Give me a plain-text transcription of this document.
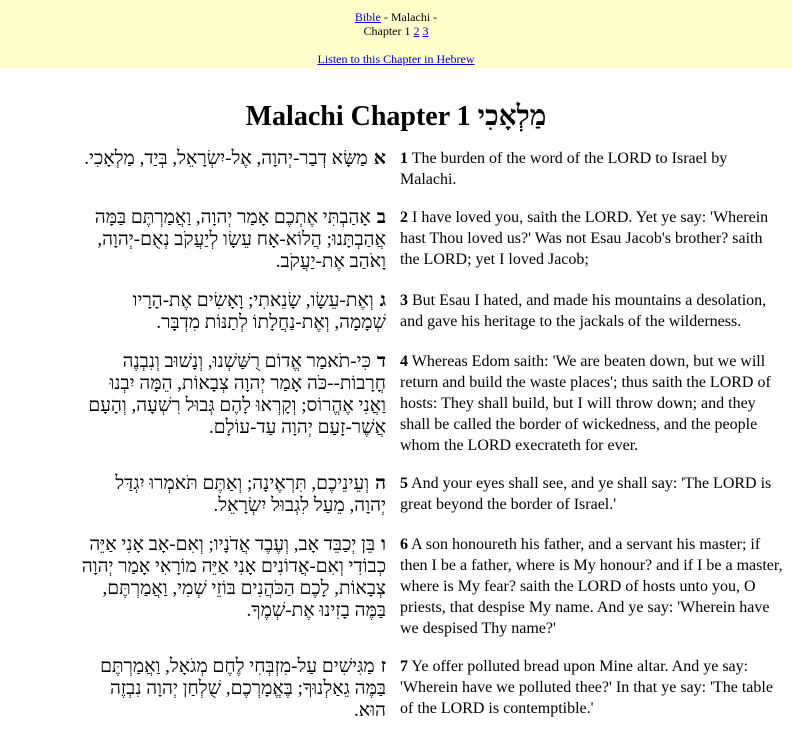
Bible - Malachi -
Chapter 1 2 3
Listen to this Chapter in Hebrew
Malachi Chapter 1 מַלְאָכִי
אמַשָּׂא דְבַר-יְהוָה, אֶל-יִשְׂרָאֵל, בְּיַד, מַלְאָכִי.	1 The burden of the word of the LORD to Israel by Malachi.
באָהַבְתִּי אֶתְכֶם אָמַר יְהוָה, וַאֲמַרְתֶּם בַּמָּה אֲהַבְתָּנוּ; הֲלוֹא-אָח עֵשָׂו לְיַעֲקֹב נְאֻם-יְהוָה, וָאֹהַב אֶת-יַעֲקֹב.	2 I have loved you, saith the LORD. Yet ye say: 'Wherein hast Thou loved us?' Was not Esau Jacob's brother? saith the LORD; yet I loved Jacob;
גוְאֶת-עֵשָׂו, שָׂנֵאתִי; וָאָשִׂים אֶת-הָרָיו שְׁמָמָה, וְאֶת-נַחֲלָתוֹ לְתַנּוֹת מִדְבָּר.	3 But Esau I hated, and made his mountains a desolation, and gave his heritage to the jackals of the wilderness.
דכִּי-תֹאמַר אֱדוֹם רֻשַּׁשְׁנוּ, וְנָשׁוּב וְנִבְנֶה חֳרָבוֹת--כֹּה אָמַר יְהוָה צְבָאוֹת, הֵמָּה יִבְנוּ וַאֲנִי אֶהֱרוֹס; וְקָרְאוּ לָהֶם גְּבוּל רִשְׁעָה, וְהָעָם אֲשֶׁר-זָעַם יְהוָה עַד-עוֹלָם.	4 Whereas Edom saith: 'We are beaten down, but we will return and build the waste places'; thus saith the LORD of hosts: They shall build, but I will throw down; and they shall be called the border of wickedness, and the people whom the LORD execrateth for ever.
הוְעֵינֵיכֶם, תִּרְאֶינָה; וְאַתֶּם תֹּאמְרוּ יִגְדַּל יְהוָה, מֵעַל לִגְבוּל יִשְׂרָאֵל.	5 And your eyes shall see, and ye shall say: 'The LORD is great beyond the border of Israel.'
ובֵּן יְכַבֵּד אָב, וְעֶבֶד אֲדֹנָיו; וְאִם-אָב אָנִי אַיֵּה כְבוֹדִי וְאִם-אֲדוֹנִים אָנִי אַיֵּה מוֹרָאִי אָמַר יְהוָה צְבָאוֹת, לָכֶם הַכֹּהֲנִים בּוֹזֵי שְׁמִי, וַאֲמַרְתֶּם, בַּמֶּה בָזִינוּ אֶת-שְׁמֶךָ.	6 A son honoureth his father, and a servant his master; if then I be a father, where is My honour? and if I be a master, where is My fear? saith the LORD of hosts unto you, O priests, that despise My name. And ye say: 'Wherein have we despised Thy name?'
זמַגִּישִׁים עַל-מִזְבְּחִי לֶחֶם מְגֹאָל, וַאֲמַרְתֶּם בַּמֶּה גֵאַלְנוּךָ; בֶּאֱמָרְכֶם, שֻׁלְחַן יְהוָה נִבְזֶה הוּא.	7 Ye offer polluted bread upon Mine altar. And ye say: 'Wherein have we polluted thee?' In that ye say: 'The table of the LORD is contemptible.'
